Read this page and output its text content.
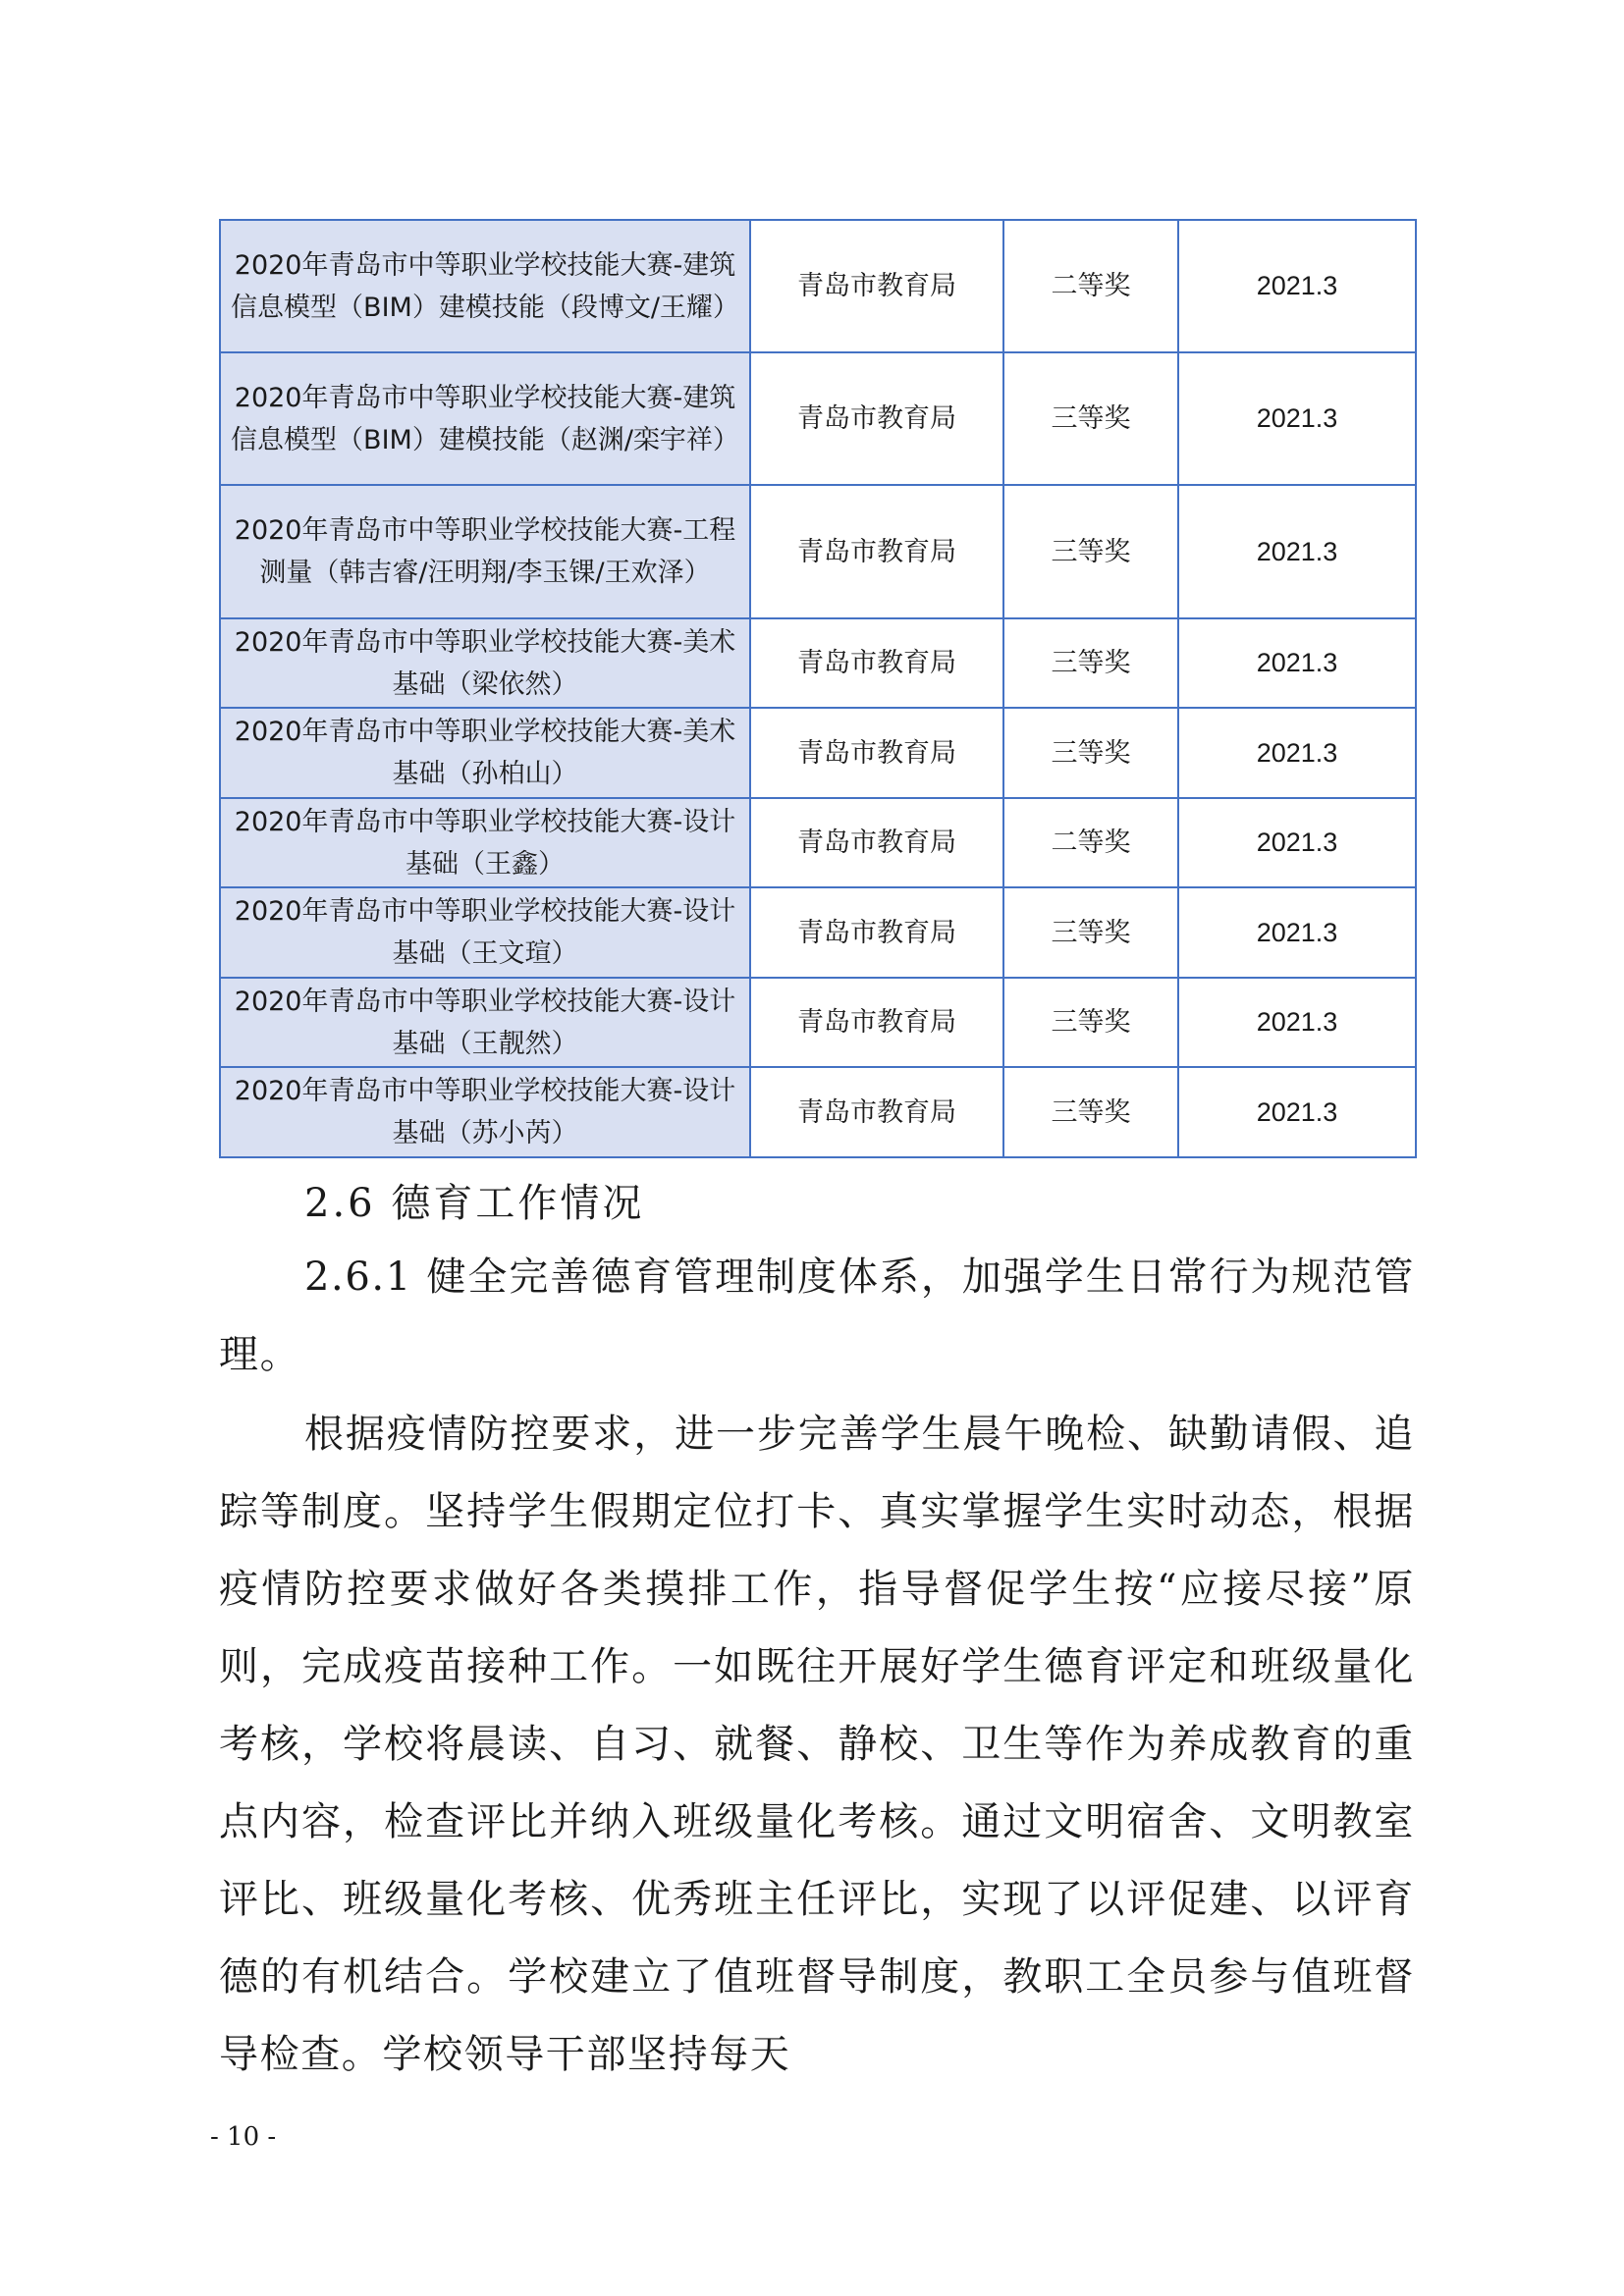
2020年青岛市中等职业学校技能大赛-建筑信息模型（BIM）建模技能（段博文/王耀）	青岛市教育局	二等奖	2021.3
2020年青岛市中等职业学校技能大赛-建筑信息模型（BIM）建模技能（赵渊/栾宇祥）	青岛市教育局	三等奖	2021.3
2020年青岛市中等职业学校技能大赛-工程测量（韩吉睿/汪明翔/李玉锞/王欢泽）	青岛市教育局	三等奖	2021.3
2020年青岛市中等职业学校技能大赛-美术基础（梁依然）	青岛市教育局	三等奖	2021.3
2020年青岛市中等职业学校技能大赛-美术基础（孙柏山）	青岛市教育局	三等奖	2021.3
2020年青岛市中等职业学校技能大赛-设计基础（王鑫）	青岛市教育局	二等奖	2021.3
2020年青岛市中等职业学校技能大赛-设计基础（王文瑄）	青岛市教育局	三等奖	2021.3
2020年青岛市中等职业学校技能大赛-设计基础（王靓然）	青岛市教育局	三等奖	2021.3
2020年青岛市中等职业学校技能大赛-设计基础（苏小芮）	青岛市教育局	三等奖	2021.3
2.6 德育工作情况

2.6.1 健全完善德育管理制度体系，加强学生日常行为规范管理。

根据疫情防控要求，进一步完善学生晨午晚检、缺勤请假、追踪等制度。坚持学生假期定位打卡、真实掌握学生实时动态，根据疫情防控要求做好各类摸排工作，指导督促学生按“应接尽接”原则，完成疫苗接种工作。一如既往开展好学生德育评定和班级量化考核，学校将晨读、自习、就餐、静校、卫生等作为养成教育的重点内容，检查评比并纳入班级量化考核。通过文明宿舍、文明教室评比、班级量化考核、优秀班主任评比，实现了以评促建、以评育德的有机结合。学校建立了值班督导制度，教职工全员参与值班督导检查。学校领导干部坚持每天

- 10 -
